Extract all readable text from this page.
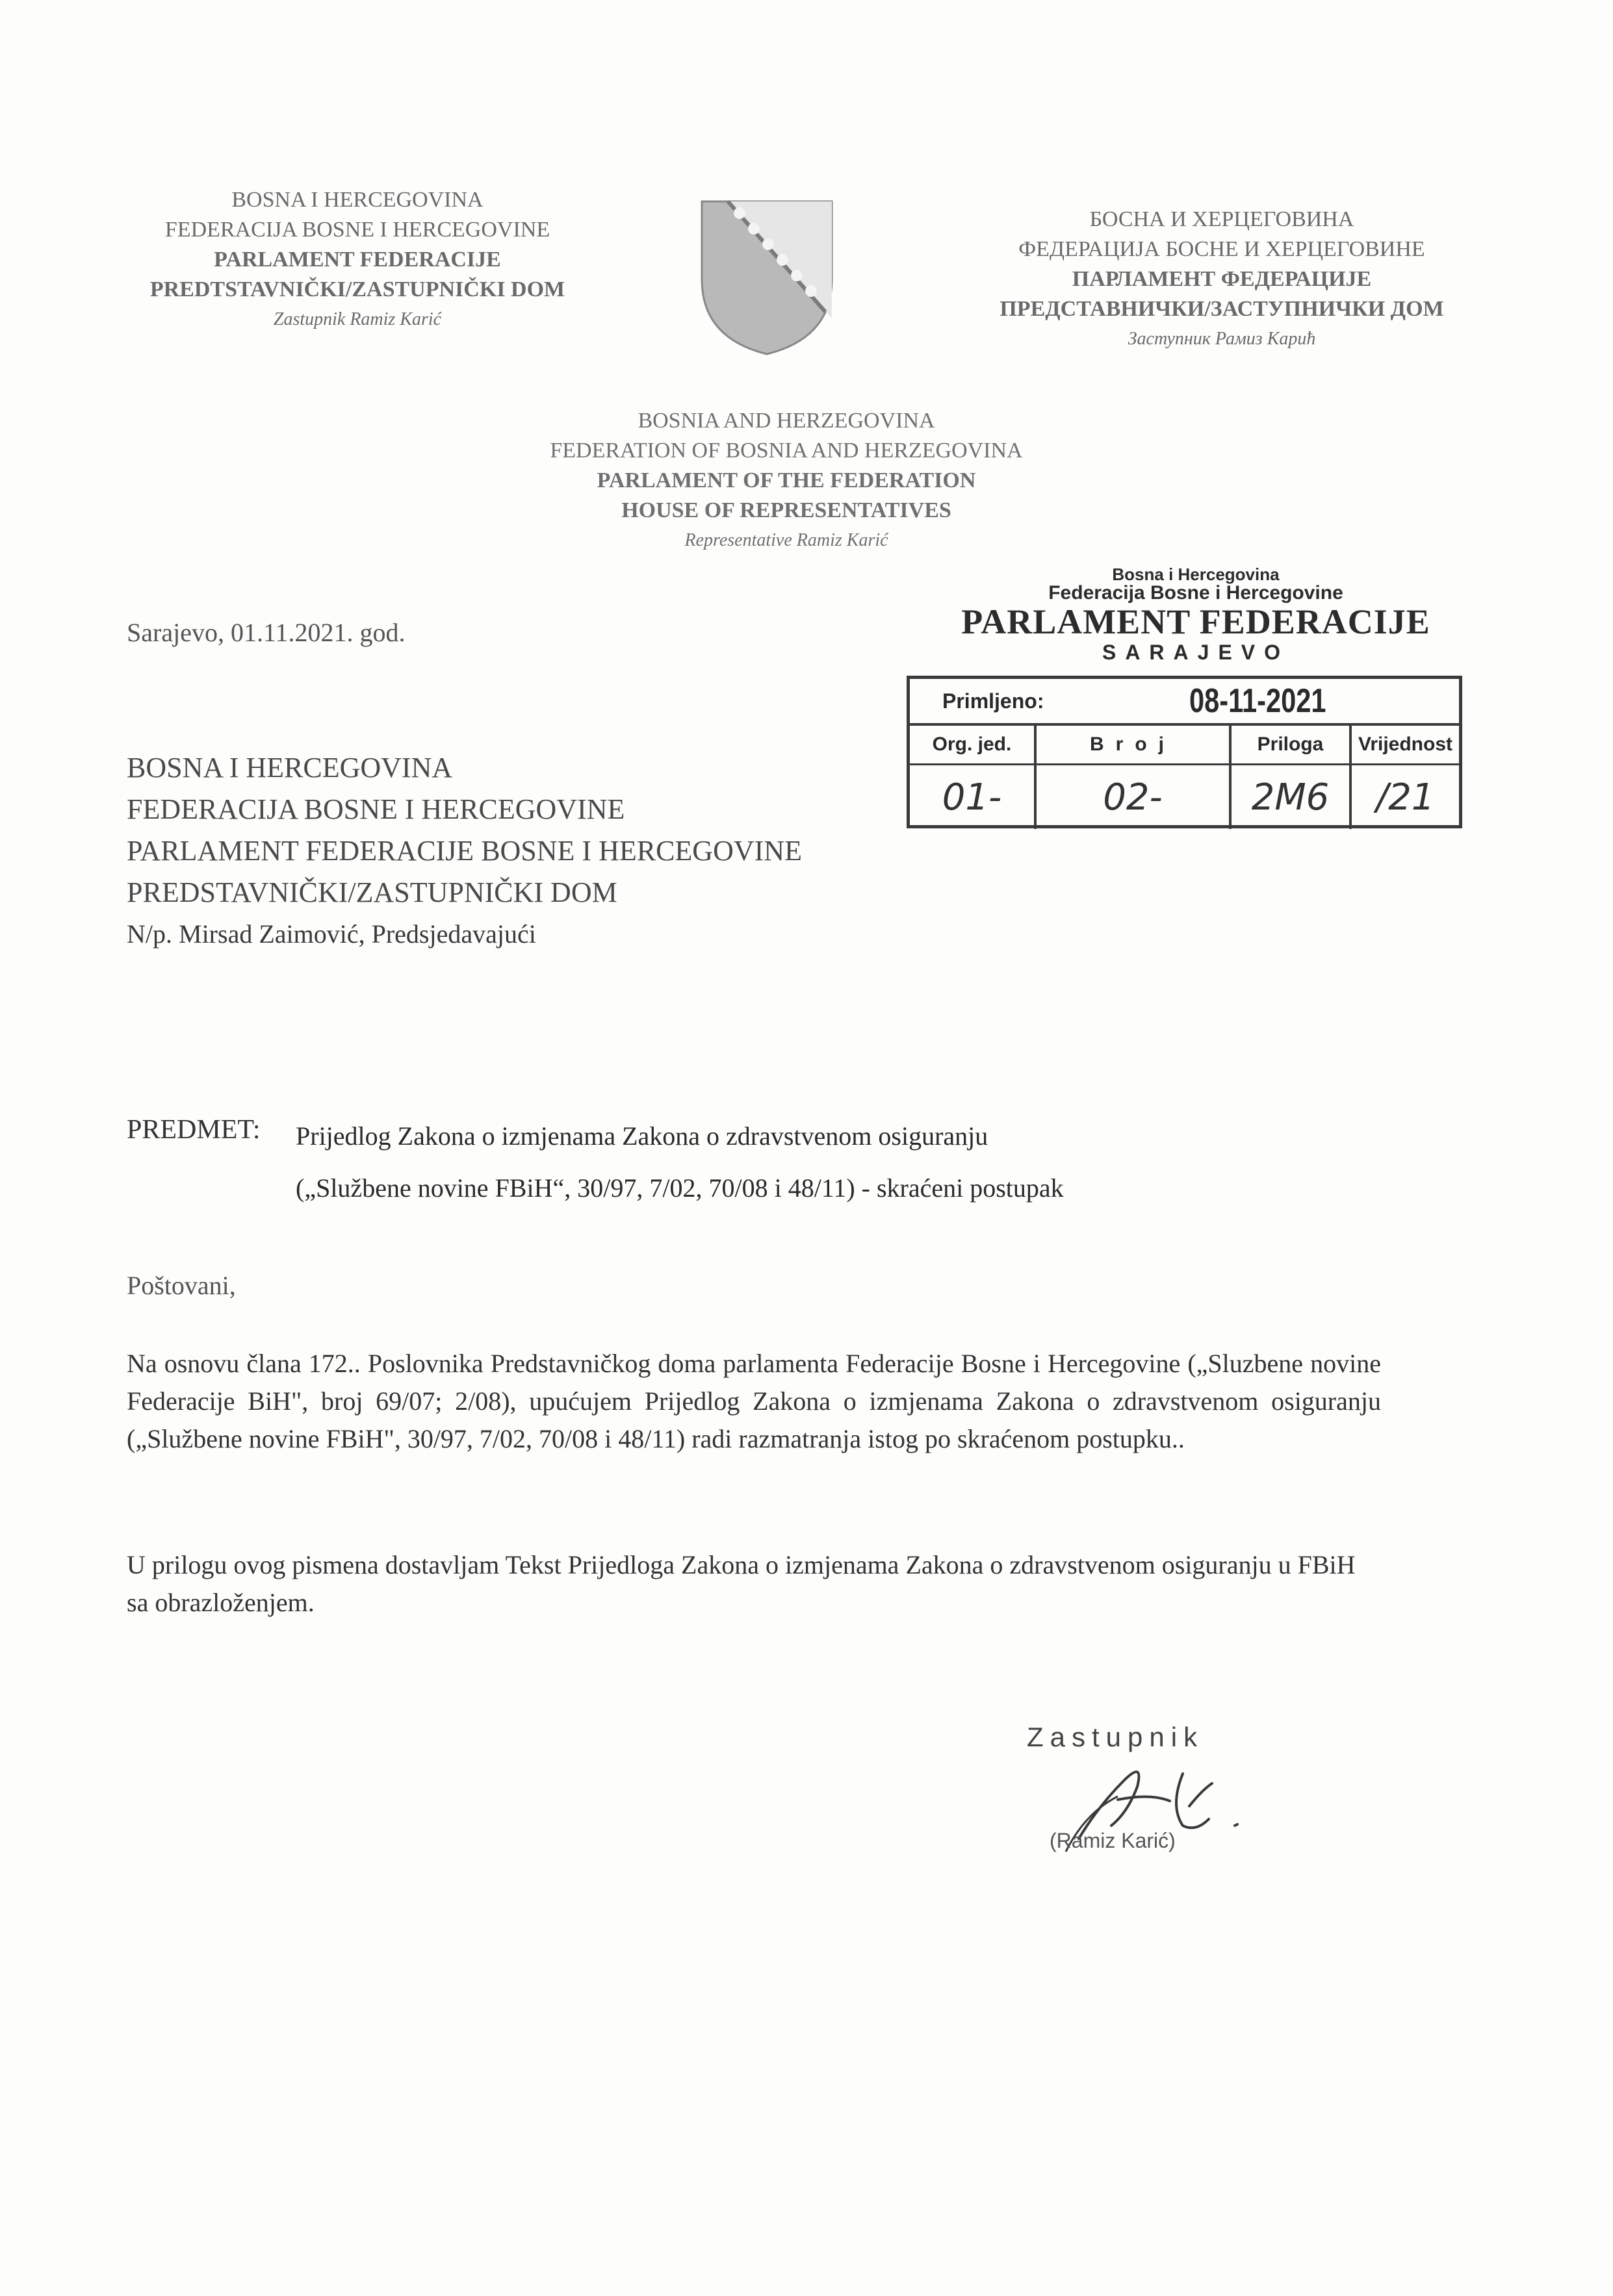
BOSNA I HERCEGOVINA
FEDERACIJA BOSNE I HERCEGOVINE
PARLAMENT FEDERACIJE
PREDTSTAVNIČKI/ZASTUPNIČKI DOM
Zastupnik Ramiz Karić
БОСНА И ХЕРЦЕГОВИНА
ФЕДЕРАЦИЈА БОСНЕ И ХЕРЦЕГОВИНЕ
ПАРЛАМЕНТ ФЕДЕРАЦИЈЕ
ПРЕДСТАВНИЧКИ/ЗАСТУПНИЧКИ ДОМ
Заступник Рамиз Карић
BOSNIA AND HERZEGOVINA
FEDERATION OF BOSNIA AND HERZEGOVINA
PARLAMENT OF THE FEDERATION
HOUSE OF REPRESENTATIVES
Representative Ramiz Karić
Sarajevo, 01.11.2021. god.
Bosna i Hercegovina
Federacija Bosne i Hercegovine
PARLAMENT FEDERACIJE
SARAJEVO
Primljeno:	08-11-2021
Org. jed.	Broj	Priloga	Vrijednost
01-	02-	2M6	/21
BOSNA I HERCEGOVINA
FEDERACIJA BOSNE I HERCEGOVINE
PARLAMENT FEDERACIJE BOSNE I HERCEGOVINE
PREDSTAVNIČKI/ZASTUPNIČKI DOM
N/p. Mirsad Zaimović, Predsjedavajući
PREDMET: Prijedlog Zakona o izmjenama Zakona o zdravstvenom osiguranju
(„Službene novine FBiH“, 30/97, 7/02, 70/08 i 48/11) - skraćeni postupak
Poštovani,
Na osnovu člana 172.. Poslovnika Predstavničkog doma parlamenta Federacije Bosne i Hercegovine („Sluzbene novine Federacije BiH", broj 69/07; 2/08), upućujem Prijedlog Zakona o izmjenama Zakona o zdravstvenom osiguranju („Službene novine FBiH", 30/97, 7/02, 70/08 i 48/11) radi razmatranja istog po skraćenom postupku..
U prilogu ovog pismena dostavljam Tekst Prijedloga Zakona o izmjenama Zakona o zdravstvenom osiguranju u FBiH sa obrazloženjem.
Zastupnik
(Ramiz Karić)
